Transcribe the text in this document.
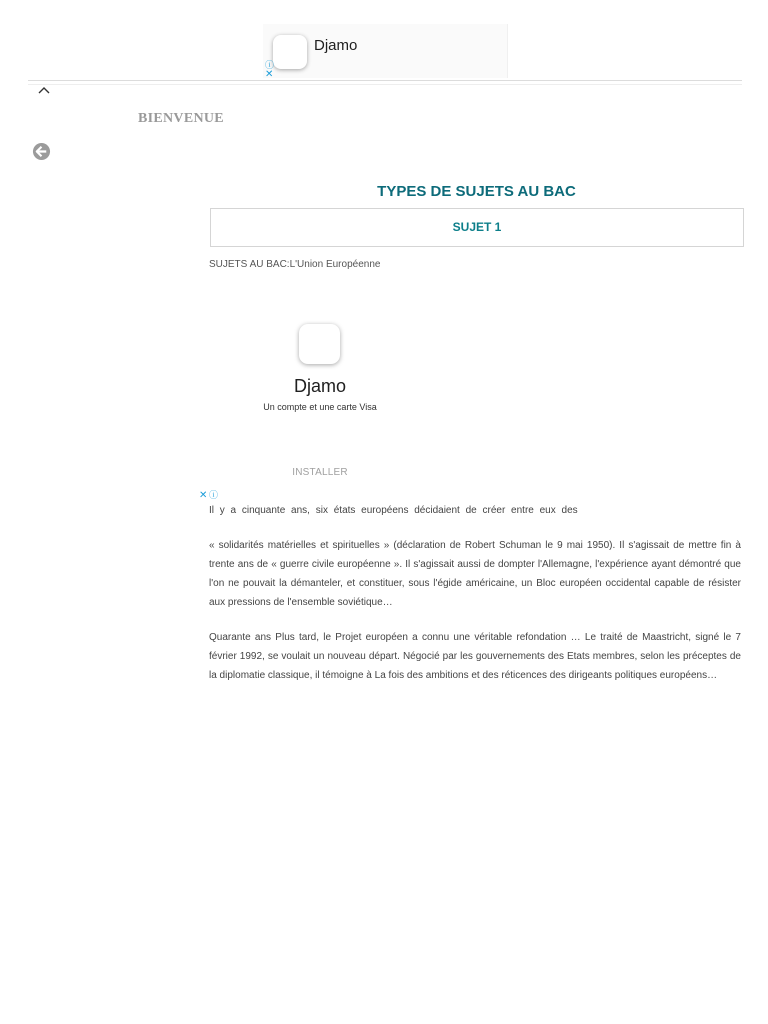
Djamo
ⓘ
✕
BIENVENUE
TYPES DE SUJETS AU BAC
SUJET 1
SUJETS AU BAC:L'Union Européenne
Djamo
Un compte et une carte Visa
INSTALLER
✕ ⓘ

Il y a cinquante ans, six états européens décidaient de créer entre eux des

« solidarités matérielles et spirituelles » (déclaration de Robert Schuman le 9 mai 1950). Il s'agissait de mettre fin à trente ans de « guerre civile européenne ». Il s'agissait aussi de dompter l'Allemagne, l'expérience ayant démontré que l'on ne pouvait la démanteler, et constituer, sous l'égide américaine, un Bloc européen occidental capable de résister aux pressions de l'ensemble soviétique…

Quarante ans Plus tard, le Projet européen a connu une véritable refondation … Le traité de Maastricht, signé le 7 février 1992, se voulait un nouveau départ. Négocié par les gouvernements des Etats membres, selon les préceptes de la diplomatie classique, il témoigne à La fois des ambitions et des réticences des dirigeants politiques européens…
